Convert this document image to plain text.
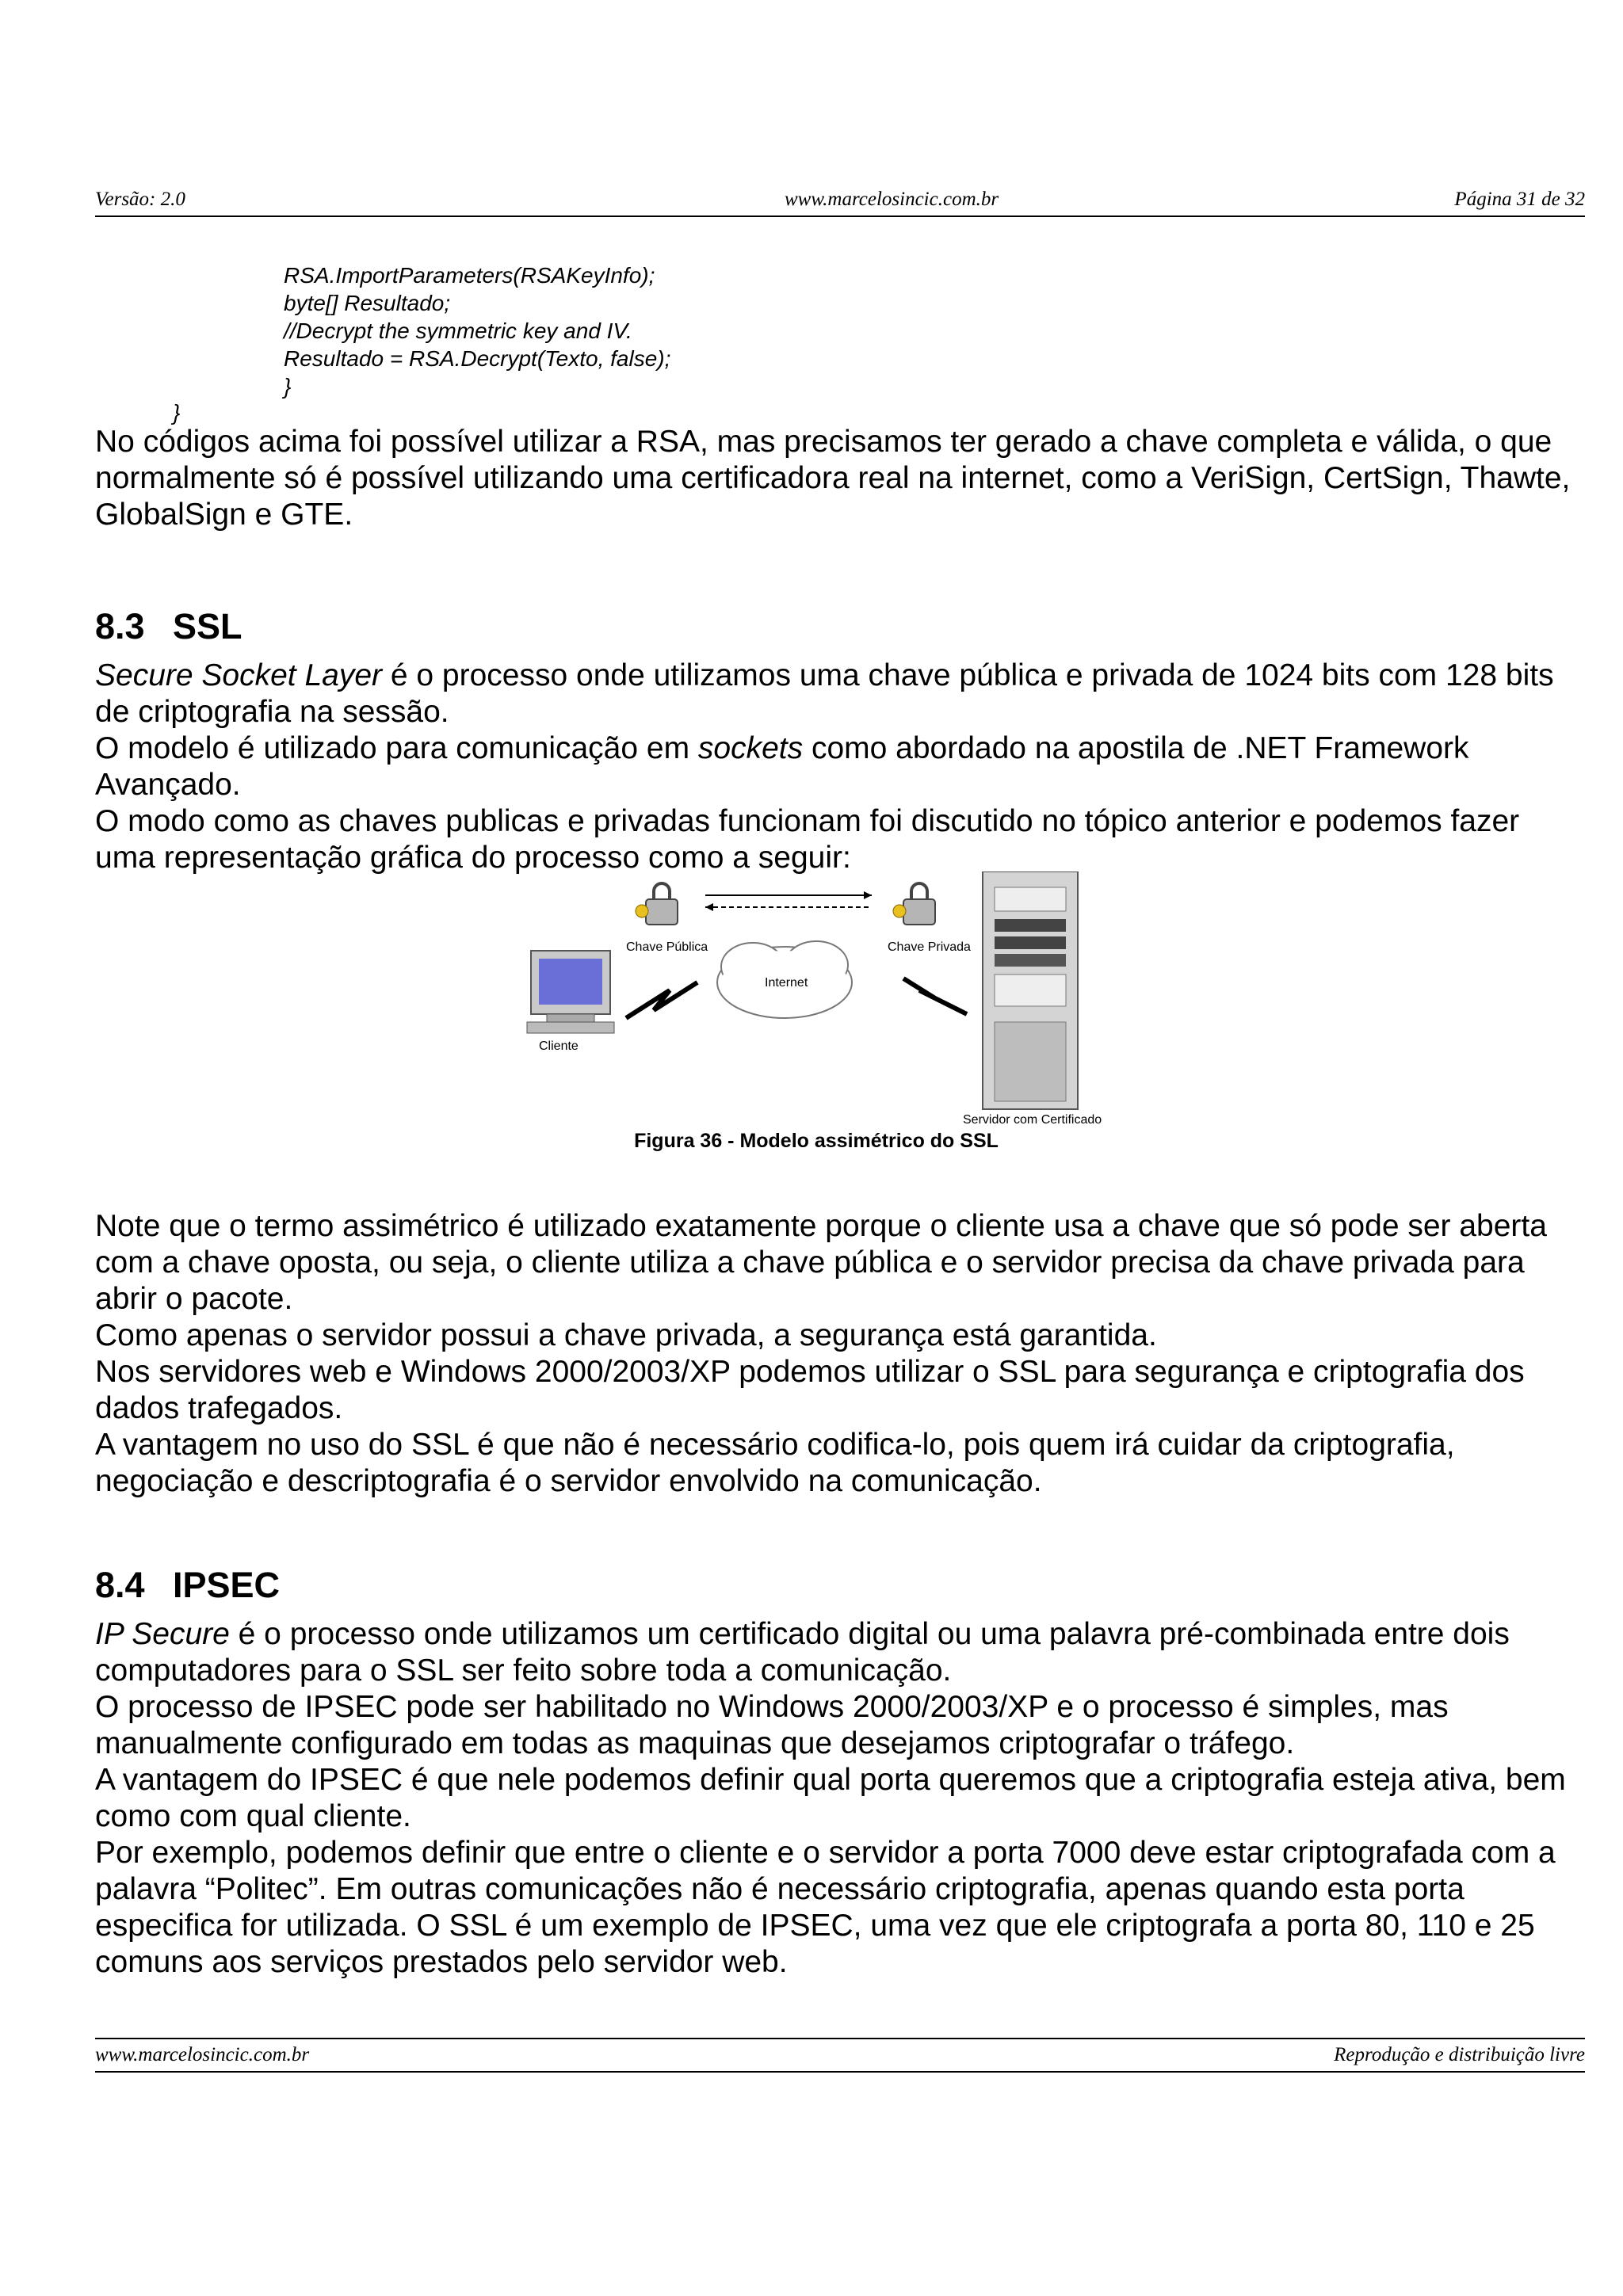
Versão: 2.0	www.marcelosincic.com.br	Página 31 de 32
RSA.ImportParameters(RSAKeyInfo);
byte[] Resultado;
//Decrypt the symmetric key and IV.
Resultado = RSA.Decrypt(Texto, false);
}
}

No códigos acima foi possível utilizar a RSA, mas precisamos ter gerado a chave completa e válida, o que normalmente só é possível utilizando uma certificadora real na internet, como a VeriSign, CertSign, Thawte, GlobalSign e GTE.

8.3 SSL

Secure Socket Layer é o processo onde utilizamos uma chave pública e privada de 1024 bits com 128 bits de criptografia na sessão.

O modelo é utilizado para comunicação em sockets como abordado na apostila de .NET Framework Avançado.

O modo como as chaves publicas e privadas funcionam foi discutido no tópico anterior e podemos fazer uma representação gráfica do processo como a seguir:

Cliente
Internet
Chave Pública	Chave Privada
Servidor com Certificado
Figura 36 - Modelo assimétrico do SSL

Note que o termo assimétrico é utilizado exatamente porque o cliente usa a chave que só pode ser aberta com a chave oposta, ou seja, o cliente utiliza a chave pública e o servidor precisa da chave privada para abrir o pacote.

Como apenas o servidor possui a chave privada, a segurança está garantida.

Nos servidores web e Windows 2000/2003/XP podemos utilizar o SSL para segurança e criptografia dos dados trafegados.

A vantagem no uso do SSL é que não é necessário codifica-lo, pois quem irá cuidar da criptografia, negociação e descriptografia é o servidor envolvido na comunicação.

8.4 IPSEC

IP Secure é o processo onde utilizamos um certificado digital ou uma palavra pré-combinada entre dois computadores para o SSL ser feito sobre toda a comunicação.

O processo de IPSEC pode ser habilitado no Windows 2000/2003/XP e o processo é simples, mas manualmente configurado em todas as maquinas que desejamos criptografar o tráfego.

A vantagem do IPSEC é que nele podemos definir qual porta queremos que a criptografia esteja ativa, bem como com qual cliente.

Por exemplo, podemos definir que entre o cliente e o servidor a porta 7000 deve estar criptografada com a palavra “Politec”. Em outras comunicações não é necessário criptografia, apenas quando esta porta especifica for utilizada. O SSL é um exemplo de IPSEC, uma vez que ele criptografa a porta 80, 110 e 25 comuns aos serviços prestados pelo servidor web.

www.marcelosincic.com.br	Reprodução e distribuição livre
